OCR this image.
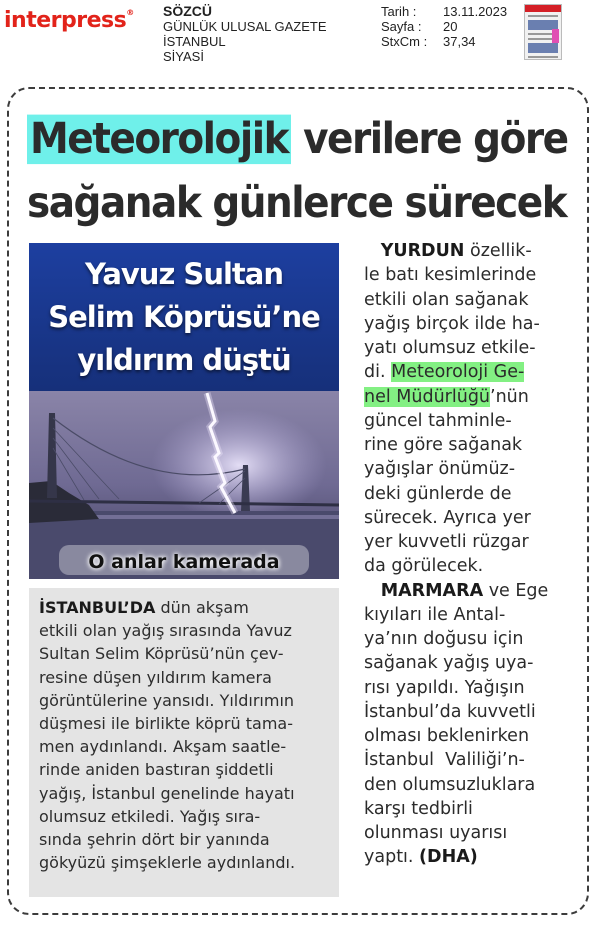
interpress® SÖZCÜ
GÜNLÜK ULUSAL GAZETE
İSTANBUL
SİYASİ
Tarih :	13.11.2023
Sayfa :	20
StxCm :	37,34
Meteorolojik verilere göre
sağanak günlerce sürecek
Yavuz Sultan
Selim Köprüsü’ne
yıldırım düştü
O anlar kamerada
İSTANBUL’DA dün akşam
etkili olan yağış sırasında Yavuz
Sultan Selim Köprüsü’nün çev-
resine düşen yıldırım kamera
görüntülerine yansıdı. Yıldırımın
düşmesi ile birlikte köprü tama-
men aydınlandı. Akşam saatle-
rinde aniden bastıran şiddetli
yağış, İstanbul genelinde hayatı
olumsuz etkiledi. Yağış sıra-
sında şehrin dört bir yanında
gökyüzü şimşeklerle aydınlandı.
YURDUN özellik-
le batı kesimlerinde
etkili olan sağanak
yağış birçok ilde ha-
yatı olumsuz etkile-
di. Meteoroloji Ge-
nel Müdürlüğü’nün
güncel tahminle-
rine göre sağanak
yağışlar önümüz-
deki günlerde de
sürecek. Ayrıca yer
yer kuvvetli rüzgar
da görülecek.
MARMARA ve Ege
kıyıları ile Antal-
ya’nın doğusu için
sağanak yağış uya-
rısı yapıldı. Yağışın
İstanbul’da kuvvetli
olması beklenirken
İstanbul  Valiliği’n-
den olumsuzluklara
karşı tedbirli
olunması uyarısı
yaptı. (DHA)
